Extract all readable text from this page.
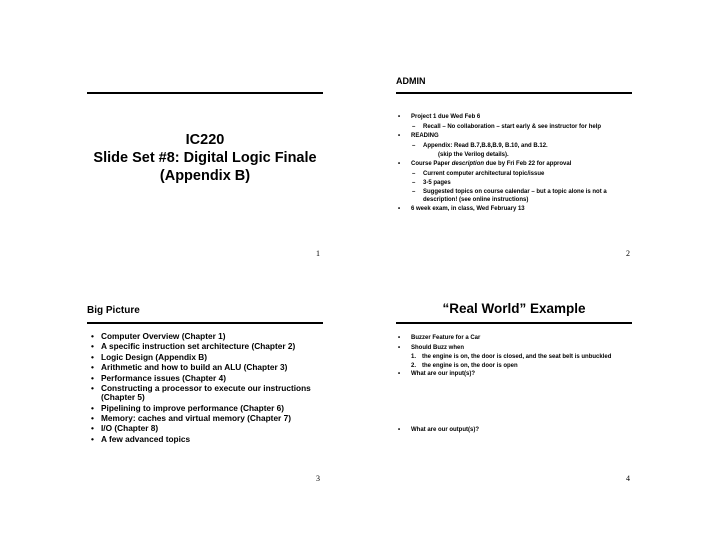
IC220
Slide Set #8: Digital Logic Finale
(Appendix B)
1
ADMIN
• Project 1 due Wed Feb 6
– Recall – No collaboration – start early & see instructor for help
• READING
– Appendix: Read B.7,B.8,B.9, B.10, and B.12.
(skip the Verilog details).
• Course Paper description due by Fri Feb 22 for approval
– Current computer architectural topic/issue
– 3-5 pages
– Suggested topics on course calendar – but a topic alone is not a description! (see online instructions)
• 6 week exam, in class, Wed February 13
2
Big Picture
• Computer Overview (Chapter 1)
• A specific instruction set architecture (Chapter 2)
• Logic Design (Appendix B)
• Arithmetic and how to build an ALU (Chapter 3)
• Performance issues (Chapter 4)
• Constructing a processor to execute our instructions (Chapter 5)
• Pipelining to improve performance (Chapter 6)
• Memory: caches and virtual memory (Chapter 7)
• I/O (Chapter 8)
• A few advanced topics
3
“Real World” Example
• Buzzer Feature for a Car
• Should Buzz when
1. the engine is on, the door is closed, and the seat belt is unbuckled
2. the engine is on, the door is open
• What are our input(s)?
• What are our output(s)?
4
